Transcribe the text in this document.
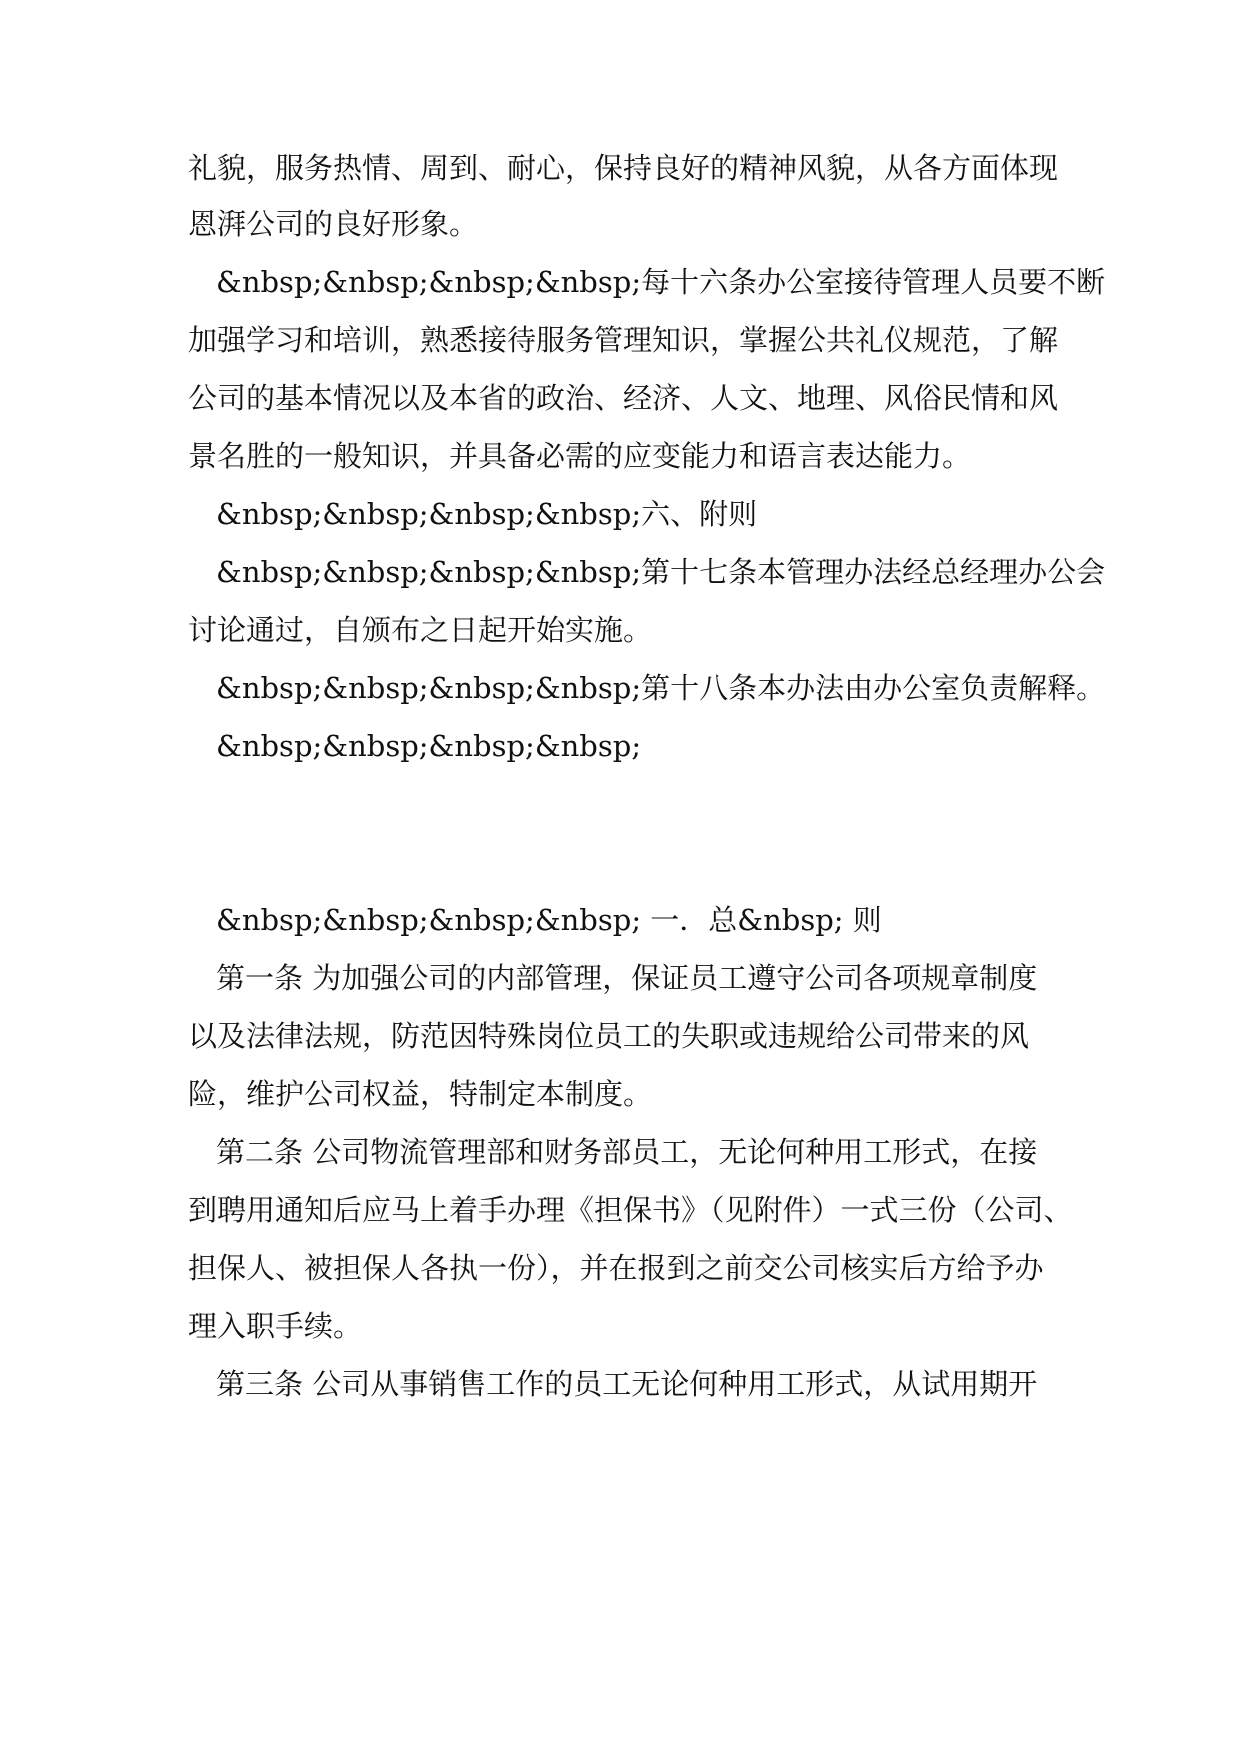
礼貌，服务热情、周到、耐心，保持良好的精神风貌，从各方面体现

恩湃公司的良好形象。

&nbsp;&nbsp;&nbsp;&nbsp;每十六条办公室接待管理人员要不断

加强学习和培训，熟悉接待服务管理知识，掌握公共礼仪规范，了解

公司的基本情况以及本省的政治、经济、人文、地理、风俗民情和风

景名胜的一般知识，并具备必需的应变能力和语言表达能力。

&nbsp;&nbsp;&nbsp;&nbsp;六、附则

&nbsp;&nbsp;&nbsp;&nbsp;第十七条本管理办法经总经理办公会

讨论通过，自颁布之日起开始实施。

&nbsp;&nbsp;&nbsp;&nbsp;第十八条本办法由办公室负责解释。

&nbsp;&nbsp;&nbsp;&nbsp;

&nbsp;&nbsp;&nbsp;&nbsp; 一．总&nbsp; 则

第一条 为加强公司的内部管理，保证员工遵守公司各项规章制度

以及法律法规，防范因特殊岗位员工的失职或违规给公司带来的风

险，维护公司权益，特制定本制度。

第二条 公司物流管理部和财务部员工，无论何种用工形式，在接

到聘用通知后应马上着手办理《担保书》（见附件）一式三份（公司、

担保人、被担保人各执一份），并在报到之前交公司核实后方给予办

理入职手续。

第三条 公司从事销售工作的员工无论何种用工形式，从试用期开
